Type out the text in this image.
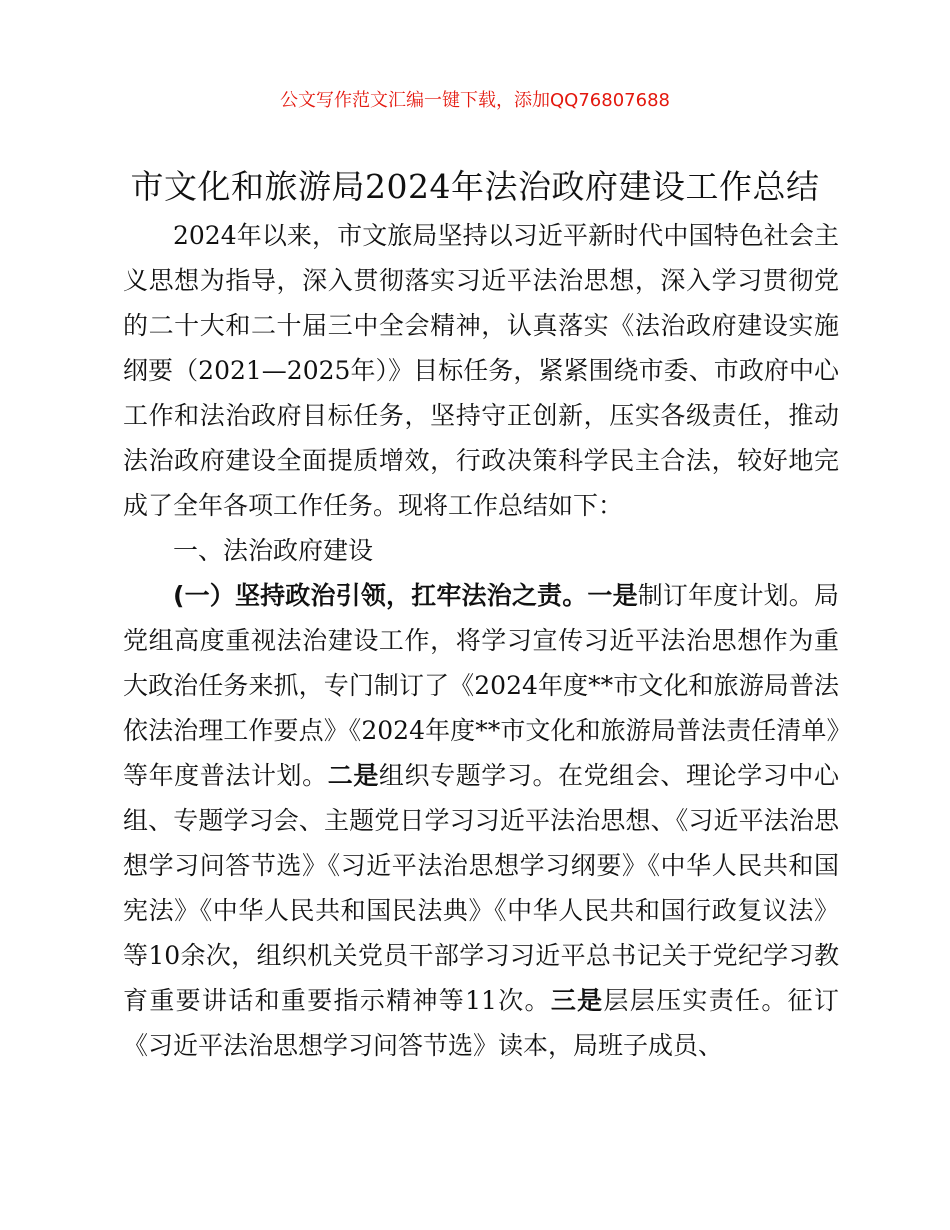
公文写作范文汇编一键下载，添加QQ76807688
市文化和旅游局2024年法治政府建设工作总结

2024年以来，市文旅局坚持以习近平新时代中国特色社会主义思想为指导，深入贯彻落实习近平法治思想，深入学习贯彻党的二十大和二十届三中全会精神，认真落实《法治政府建设实施纲要（2021—2025年）》目标任务，紧紧围绕市委、市政府中心工作和法治政府目标任务，坚持守正创新，压实各级责任，推动法治政府建设全面提质增效，行政决策科学民主合法，较好地完成了全年各项工作任务。现将工作总结如下：

一、法治政府建设

(一）坚持政治引领，扛牢法治之责。一是制订年度计划。局党组高度重视法治建设工作，将学习宣传习近平法治思想作为重大政治任务来抓，专门制订了《2024年度**市文化和旅游局普法依法治理工作要点》《2024年度**市文化和旅游局普法责任清单》等年度普法计划。二是组织专题学习。在党组会、理论学习中心组、专题学习会、主题党日学习习近平法治思想、《习近平法治思想学习问答节选》《习近平法治思想学习纲要》《中华人民共和国宪法》《中华人民共和国民法典》《中华人民共和国行政复议法》等10余次，组织机关党员干部学习习近平总书记关于党纪学习教育重要讲话和重要指示精神等11次。三是层层压实责任。征订《习近平法治思想学习问答节选》读本，局班子成员、
